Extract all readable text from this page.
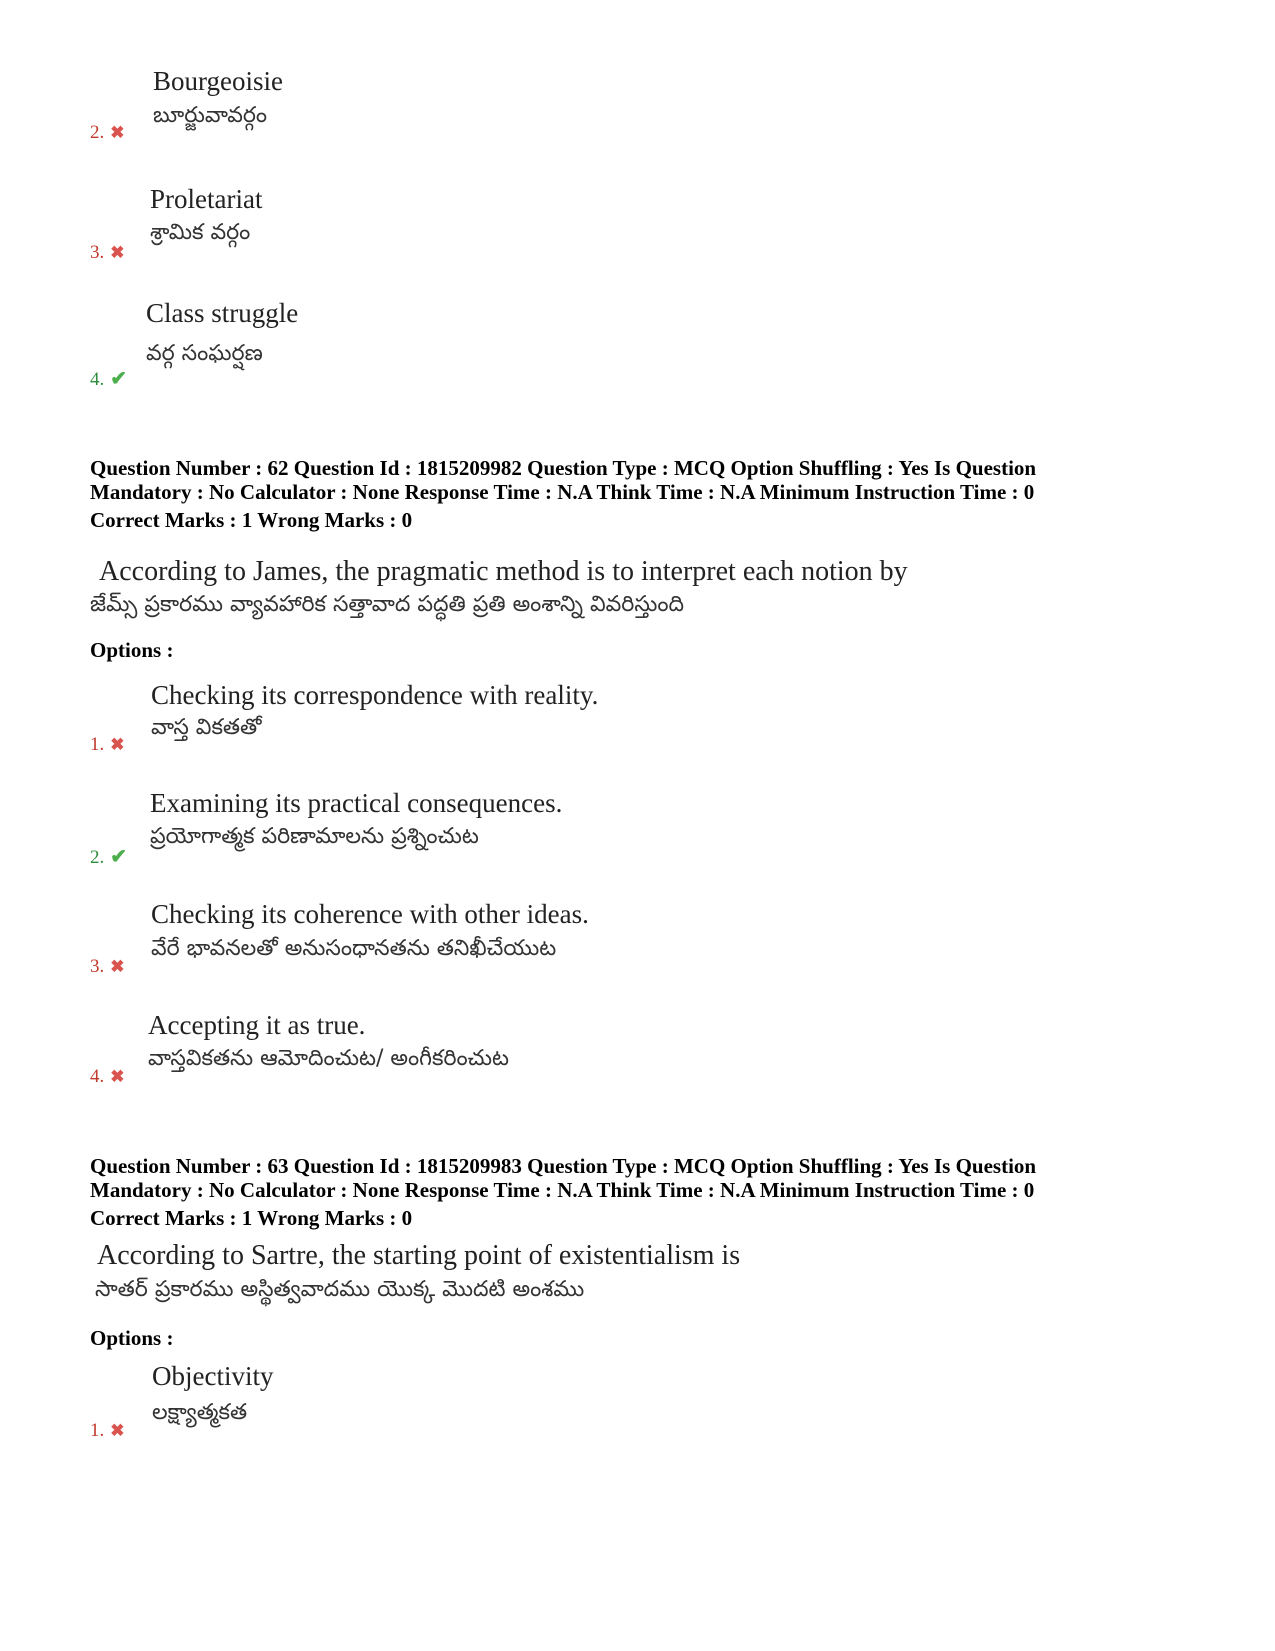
Bourgeoisie
బూర్జువావర్గం
2. ✖
Proletariat
శ్రామిక వర్గం
3. ✖
Class struggle
వర్గ సంఘర్షణ
4. ✔
Question Number : 62 Question Id : 1815209982 Question Type : MCQ Option Shuffling : Yes Is Question
Mandatory : No Calculator : None Response Time : N.A Think Time : N.A Minimum Instruction Time : 0
Correct Marks : 1 Wrong Marks : 0
According to James, the pragmatic method is to interpret each notion by
జేమ్స్ ప్రకారము వ్యావహారిక సత్తావాద పద్ధతి ప్రతి అంశాన్ని వివరిస్తుంది
Options :
Checking its correspondence with reality.
వాస్త వికతతో
1. ✖
Examining its practical consequences.
ప్రయోగాత్మక పరిణామాలను ప్రశ్నించుట
2. ✔
Checking its coherence with other ideas.
వేరే భావనలతో అనుసంధానతను తనిఖీచేయుట
3. ✖
Accepting it as true.
వాస్తవికతను ఆమోదించుట/ అంగీకరించుట
4. ✖
Question Number : 63 Question Id : 1815209983 Question Type : MCQ Option Shuffling : Yes Is Question
Mandatory : No Calculator : None Response Time : N.A Think Time : N.A Minimum Instruction Time : 0
Correct Marks : 1 Wrong Marks : 0
According to Sartre, the starting point of existentialism is
సాతర్ ప్రకారము అస్థిత్వవాదము యొక్క మొదటి అంశము
Options :
Objectivity
లక్ష్యాత్మకత
1. ✖
